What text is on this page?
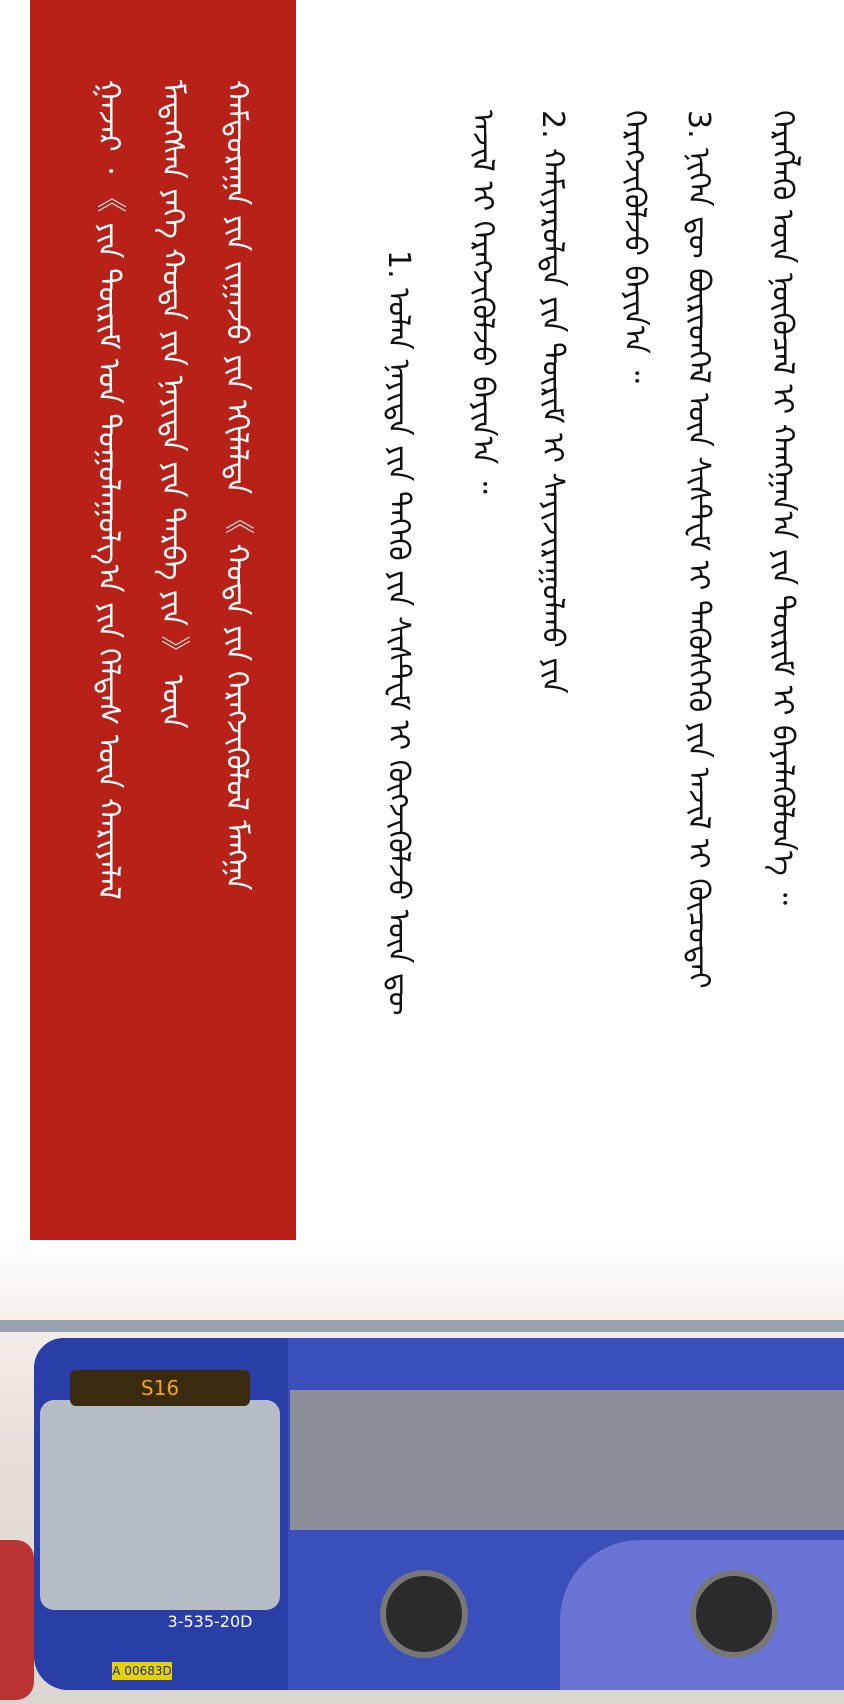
ᠬᠡᠷᠡᠭᠯᠡᠬᠦ ᠦᠨ ᠨᠥᠬᠦᠴᠡᠯ ᠢ ᠬᠠᠩᠭᠠᠨ᠎ᠠ ᠶᠢᠨ ᠳᠦᠷᠢᠮ ᠢ ᠪᠡᠶᠡᠯᠡᠭᠦᠯᠦᠨ᠎ᠡ ᠃
3. ᠨᠢᠭᠡᠨ ᠳᠦ ᠪᠦᠷᠢᠳᠭᠡᠯ ᠦᠨ ᠰᠢᠰᠲ᠋ᠧᠮ ᠢ ᠲᠡᠭᠦᠰᠬᠡᠬᠦ ᠶᠢᠨ ᠠᠵᠢᠯ ᠢ ᠬᠦᠴᠦᠲᠡᠶ
ᠬᠡᠷᠡᠭᠵᠢᠭᠦᠯᠵᠦ ᠪᠠᠶᠢᠨ᠎ᠠ ᠃
2. ᠬᠠᠮᠢᠶᠠᠷᠤᠯᠲᠠ ᠶᠢᠨ ᠳᠦᠷᠢᠮ ᠢ ᠰᠠᠶᠢᠵᠢᠷᠠᠭᠤᠯᠬᠤ ᠶᠢᠨ
ᠠᠵᠢᠯ ᠢ ᠬᠡᠷᠡᠭᠵᠢᠭᠦᠯᠵᠦ ᠪᠠᠶᠢᠨ᠎ᠠ ᠃
1. ᠣᠯᠠᠨ ᠨᠡᠶᠢᠲᠡ ᠶᠢᠨ ᠲᠡᠬᠡᠬᠦ ᠶᠢᠨ ᠰᠢᠰᠲ᠋ᠧᠮ ᠢ ᠬᠥᠭᠵᠢᠭᠦᠯᠵᠦ ᠦᠨ ᠳᠦ
ᠭᠠᠵᠠᠷ ᠂ 《 ᠶᠢᠨ ᠳᠦᠷᠢᠮ ᠤᠨ ᠳᠤᠭᠤᠯᠠᠭᠤᠯᠭ᠎ᠠ ᠶᠢᠨ ᠬᠡᠯᠲᠡᠰ ᠦᠨ ᠬᠠᠷᠢᠶᠠᠯᠠᠯ ᠮᠡᠳᠡᠭᠰᠡᠨ ᠶᠡᠬᠡ ᠬᠣᠲᠠ ᠶᠢᠨ ᠨᠡᠶᠢᠲᠡ ᠶᠢᠨ ᠲᠡᠷᠪᠡ ᠶᠢᠨ 》 ᠦᠨ ᠬᠠᠮᠲᠤᠷᠠᠭᠠ ᠶᠢᠨ ᠵᠢᠭᠠᠵᠤ ᠶᠢᠨ ᠡᠬᠢᠯᠡᠯᠲᠡ 《 ᠬᠣᠲᠠ ᠶᠢᠨ ᠬᠡᠷᠡᠭᠵᠢᠭᠦᠯᠦᠯ ᠮᠠᠩᠭ᠋ᠠ
S16
3-535-20D
A 00683D
